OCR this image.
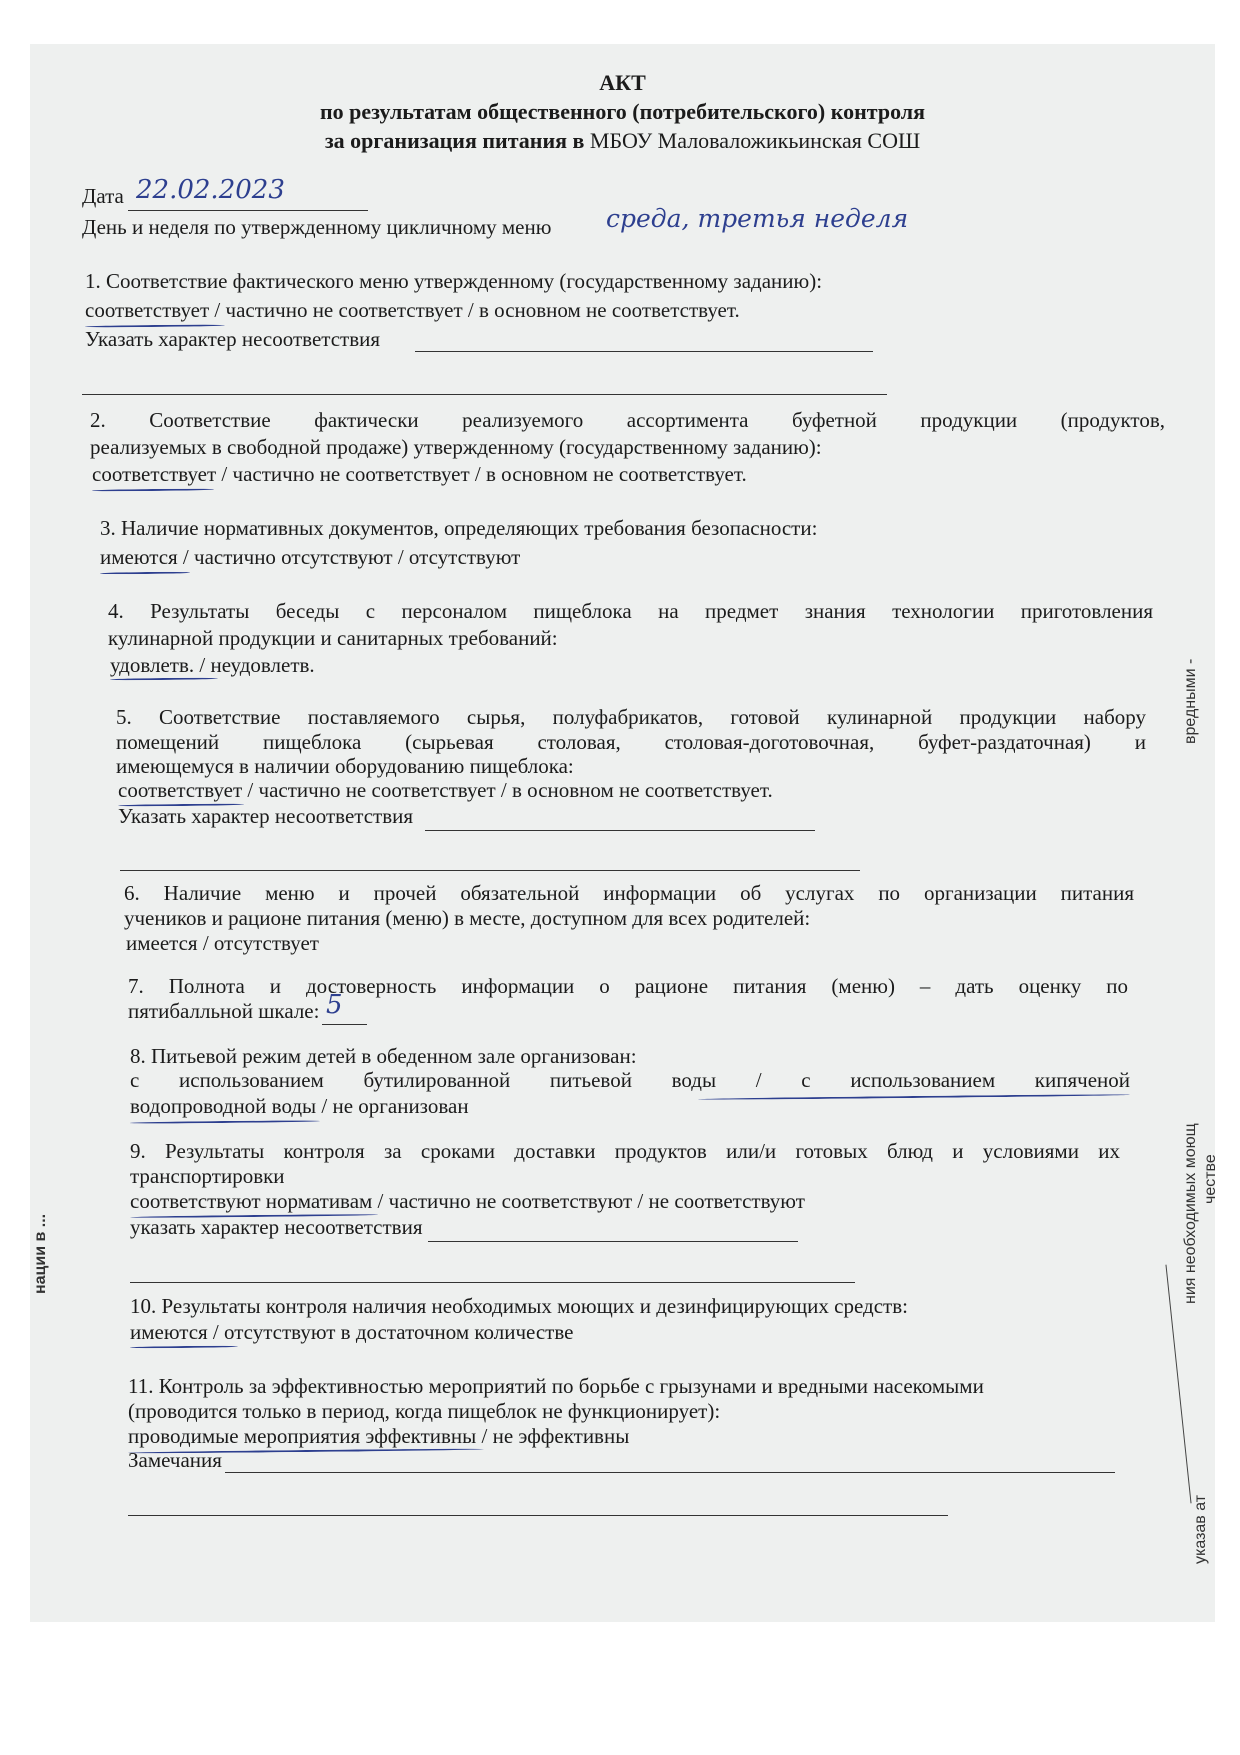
АКТ
по результатам общественного (потребительского) контроля
за организация питания в МБОУ Маловаложикьинская СОШ
Дата 22.02.2023
День и неделя по утвержденному цикличному меню среда, третья неделя
1. Соответствие фактического меню утвержденному (государственному заданию):
соответствует / частично не соответствует / в основном не соответствует.
Указать характер несоответствия
2. Соответствие фактически реализуемого ассортимента буфетной продукции (продуктов,
реализуемых в свободной продаже) утвержденному (государственному заданию):
соответствует / частично не соответствует / в основном не соответствует.
3. Наличие нормативных документов, определяющих требования безопасности:
имеются / частично отсутствуют / отсутствуют
4. Результаты беседы с персоналом пищеблока на предмет знания технологии приготовления
кулинарной продукции и санитарных требований:
удовлетв. / неудовлетв.
5. Соответствие поставляемого сырья, полуфабрикатов, готовой кулинарной продукции набору
помещений пищеблока (сырьевая столовая, столовая-доготовочная, буфет-раздаточная) и
имеющемуся в наличии оборудованию пищеблока:
соответствует / частично не соответствует / в основном не соответствует.
Указать характер несоответствия
6. Наличие меню и прочей обязательной информации об услугах по организации питания
учеников и рационе питания (меню) в месте, доступном для всех родителей:
имеется / отсутствует
7. Полнота и достоверность информации о рационе питания (меню) – дать оценку по
пятибалльной шкале: 5
8. Питьевой режим детей в обеденном зале организован:
с использованием бутилированной питьевой воды / с использованием кипяченой
водопроводной воды / не организован
9. Результаты контроля за сроками доставки продуктов или/и готовых блюд и условиями их
транспортировки
соответствуют нормативам / частично не соответствуют / не соответствуют
указать характер несоответствия
10. Результаты контроля наличия необходимых моющих и дезинфицирующих средств:
имеются / отсутствуют в достаточном количестве
11. Контроль за эффективностью мероприятий по борьбе с грызунами и вредными насекомыми
(проводится только в период, когда пищеблок не функционирует):
проводимые мероприятия эффективны / не эффективны
Замечания
вредными -
ния необходимых моющ честве
указав ат
нации в ...
